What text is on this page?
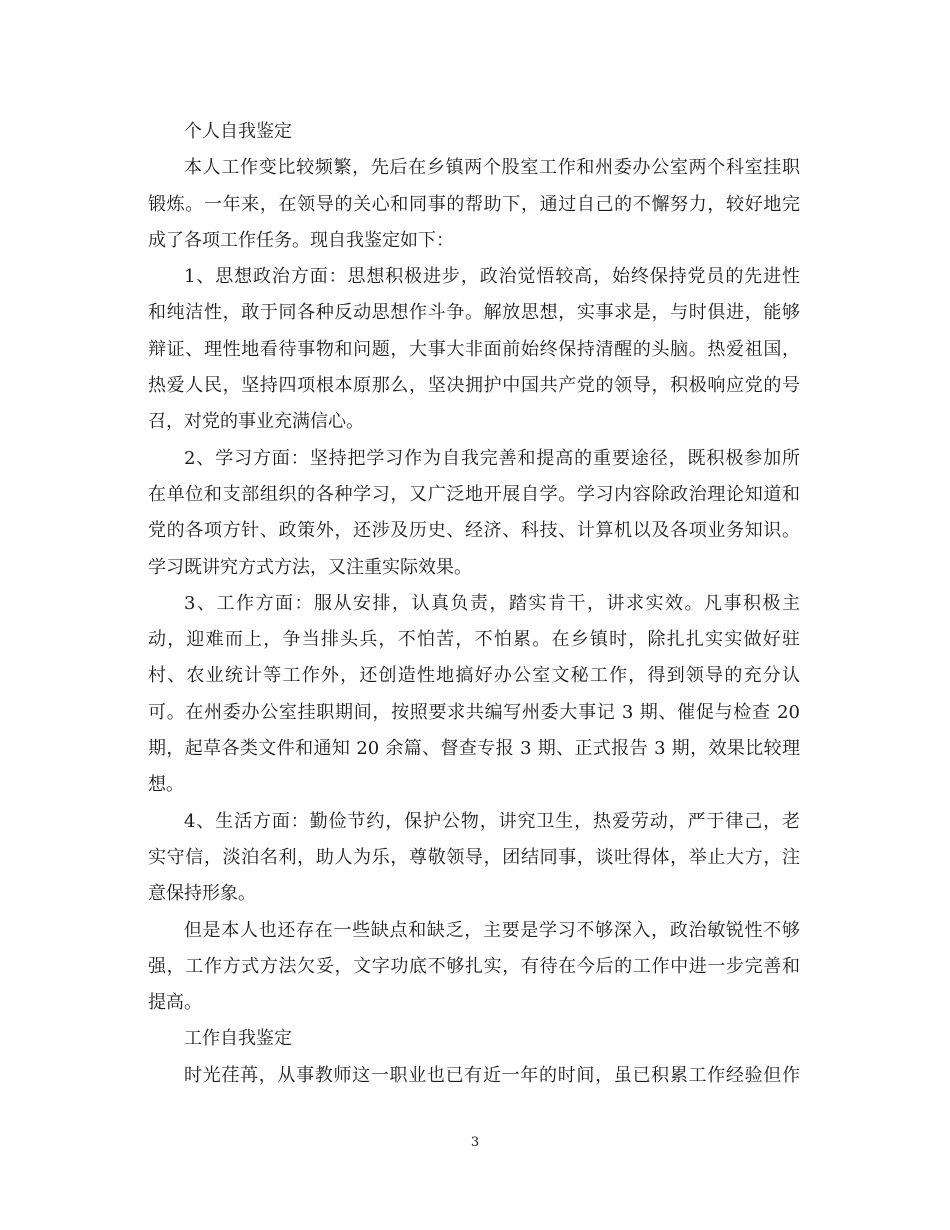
个人自我鉴定
本人工作变比较频繁，先后在乡镇两个股室工作和州委办公室两个科室挂职
锻炼。一年来，在领导的关心和同事的帮助下，通过自己的不懈努力，较好地完
成了各项工作任务。现自我鉴定如下：
1、思想政治方面：思想积极进步，政治觉悟较高，始终保持党员的先进性
和纯洁性，敢于同各种反动思想作斗争。解放思想，实事求是，与时俱进，能够
辩证、理性地看待事物和问题，大事大非面前始终保持清醒的头脑。热爱祖国，
热爱人民，坚持四项根本原那么，坚决拥护中国共产党的领导，积极响应党的号
召，对党的事业充满信心。
2、学习方面：坚持把学习作为自我完善和提高的重要途径，既积极参加所
在单位和支部组织的各种学习，又广泛地开展自学。学习内容除政治理论知道和
党的各项方针、政策外，还涉及历史、经济、科技、计算机以及各项业务知识。
学习既讲究方式方法，又注重实际效果。
3、工作方面：服从安排，认真负责，踏实肯干，讲求实效。凡事积极主
动，迎难而上，争当排头兵，不怕苦，不怕累。在乡镇时，除扎扎实实做好驻
村、农业统计等工作外，还创造性地搞好办公室文秘工作，得到领导的充分认
可。在州委办公室挂职期间，按照要求共编写州委大事记 3 期、催促与检查 20
期，起草各类文件和通知 20 余篇、督查专报 3 期、正式报告 3 期，效果比较理
想。
4、生活方面：勤俭节约，保护公物，讲究卫生，热爱劳动，严于律己，老
实守信，淡泊名利，助人为乐，尊敬领导，团结同事，谈吐得体，举止大方，注
意保持形象。
但是本人也还存在一些缺点和缺乏，主要是学习不够深入，政治敏锐性不够
强，工作方式方法欠妥，文字功底不够扎实，有待在今后的工作中进一步完善和
提高。
工作自我鉴定
时光荏苒，从事教师这一职业也已有近一年的时间，虽已积累工作经验但作
3
